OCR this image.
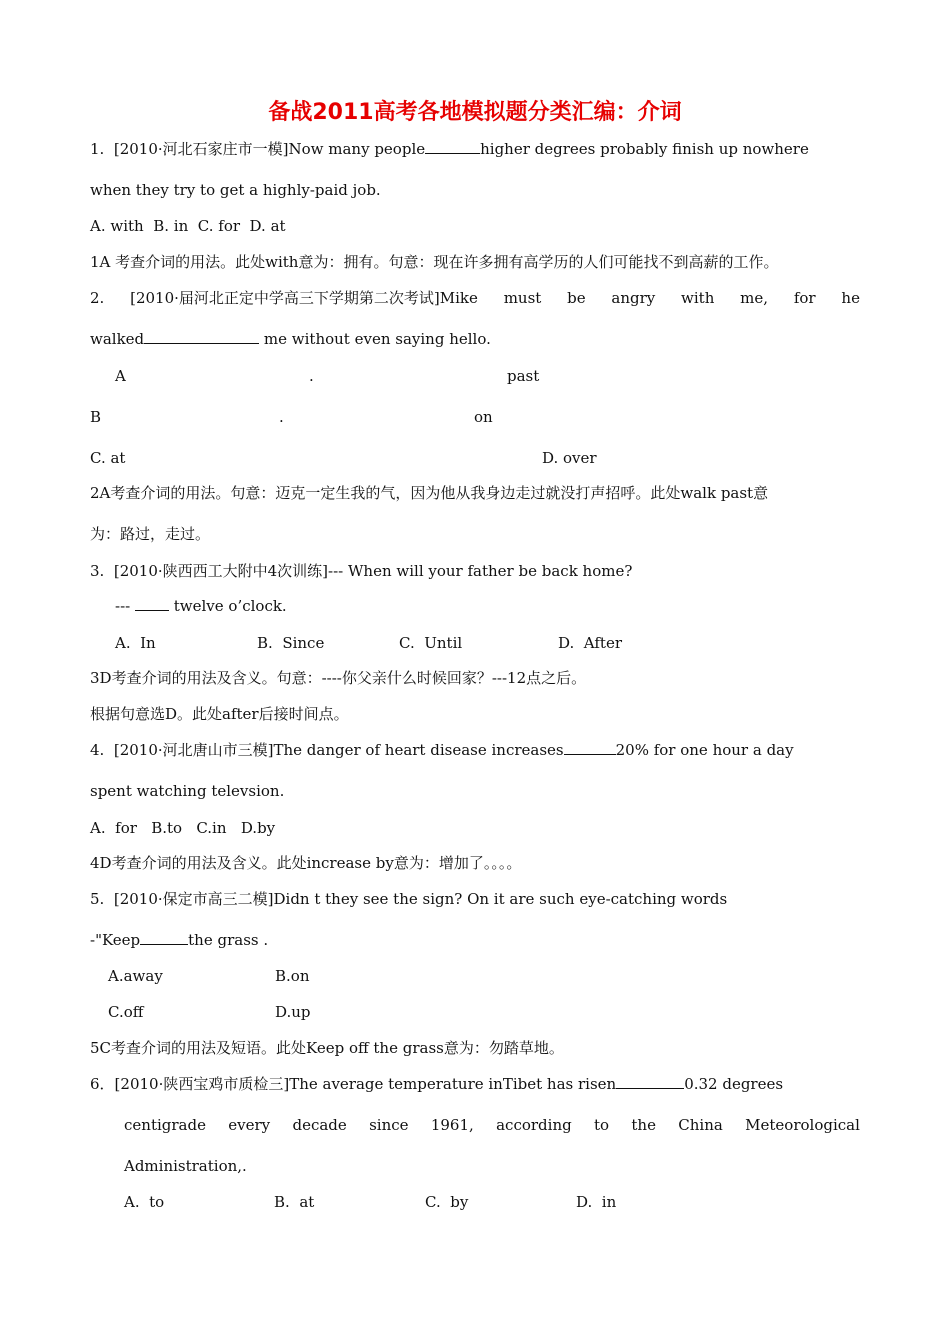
备战2011高考各地模拟题分类汇编：介词
1.  [2010·河北石家庄市一模]Now many people	higher degrees probably finish up nowhere
when they try to get a highly-paid job.
A. with  B. in  C. for  D. at
1A 考查介词的用法。此处with意为：拥有。句意：现在许多拥有高学历的人们可能找不到高薪的工作。
2. [2010·届河北正定中学高三下学期第二次考试]Mike must be angry with me, for he
walked	me without even saying hello.
A	.	past
B	.	on
C. at	D. over
2A考查介词的用法。句意：迈克一定生我的气，因为他从我身边走过就没打声招呼。此处walk past意
为：路过，走过。
3.  [2010·陕西西工大附中4次训练]--- When will your father be back home?
---  twelve o’clock.
A.  In	B.  Since	C.  Until	D.  After
3D考查介词的用法及含义。句意：----你父亲什么时候回家？---12点之后。
根据句意选D。此处after后接时间点。
4.  [2010·河北唐山市三模]The danger of heart disease increases	20% for one hour a day
spent watching televsion.
A.  for   B.to   C.in   D.by
4D考查介词的用法及含义。此处increase by意为：增加了。。。。
5.  [2010·保定市高三二模]Didn t they see the sign? On it are such eye-catching words
-"Keep	the grass .
A.away	B.on
C.off	D.up
5C考查介词的用法及短语。此处Keep off the grass意为：勿踏草地。
6．[2010·陕西宝鸡市质检三]The average temperature inTibet has risen	0.32 degrees
centigrade every decade since 1961, according to the China Meteorological
Administration,.
A.  to	B.  at	C.  by	D.  in
